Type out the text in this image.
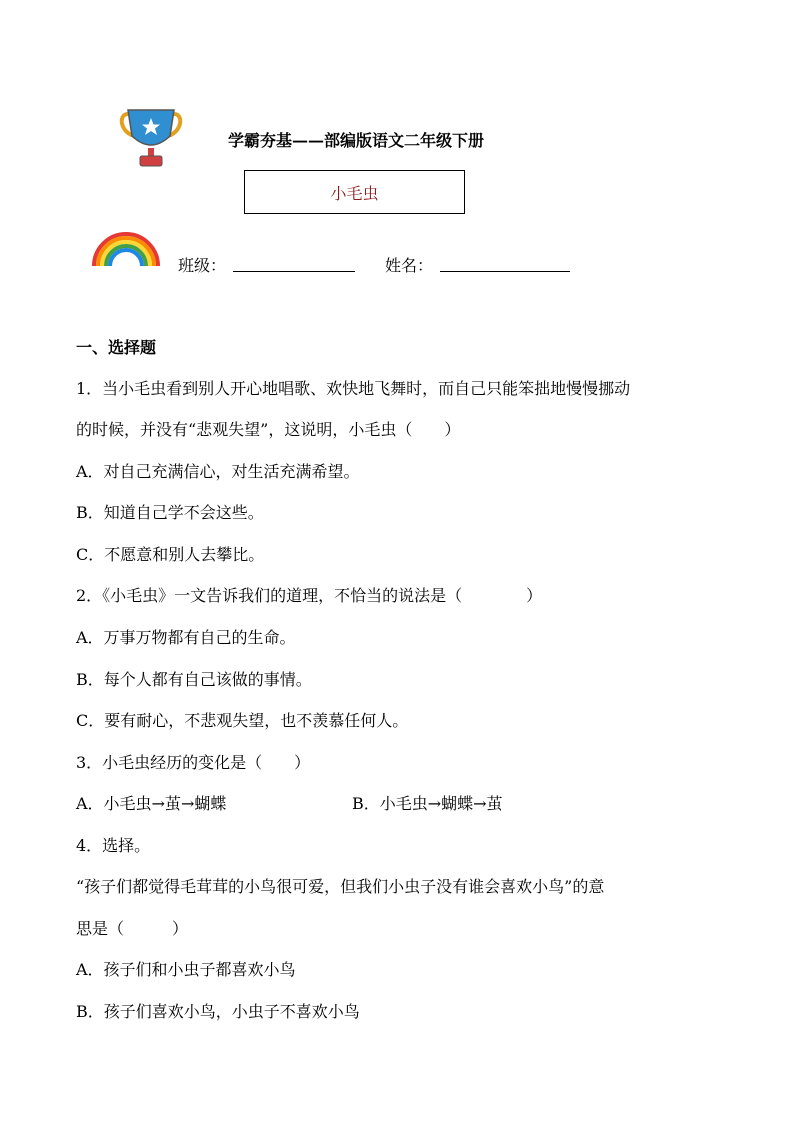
学霸夯基——部编版语文二年级下册
小毛虫
班级：	姓名：
一、选择题
1．当小毛虫看到别人开心地唱歌、欢快地飞舞时，而自己只能笨拙地慢慢挪动
的时候，并没有“悲观失望”，这说明，小毛虫（　　）
A．对自己充满信心，对生活充满希望。
B．知道自己学不会这些。
C．不愿意和别人去攀比。
2．《小毛虫》一文告诉我们的道理，不恰当的说法是（　　　　）
A．万事万物都有自己的生命。
B．每个人都有自己该做的事情。
C．要有耐心，不悲观失望，也不羡慕任何人。
3．小毛虫经历的变化是（　　）
A．小毛虫→茧→蝴蝶	B．小毛虫→蝴蝶→茧
4．选择。
“孩子们都觉得毛茸茸的小鸟很可爱，但我们小虫子没有谁会喜欢小鸟”的意
思是（　　　）
A．孩子们和小虫子都喜欢小鸟
B．孩子们喜欢小鸟，小虫子不喜欢小鸟
